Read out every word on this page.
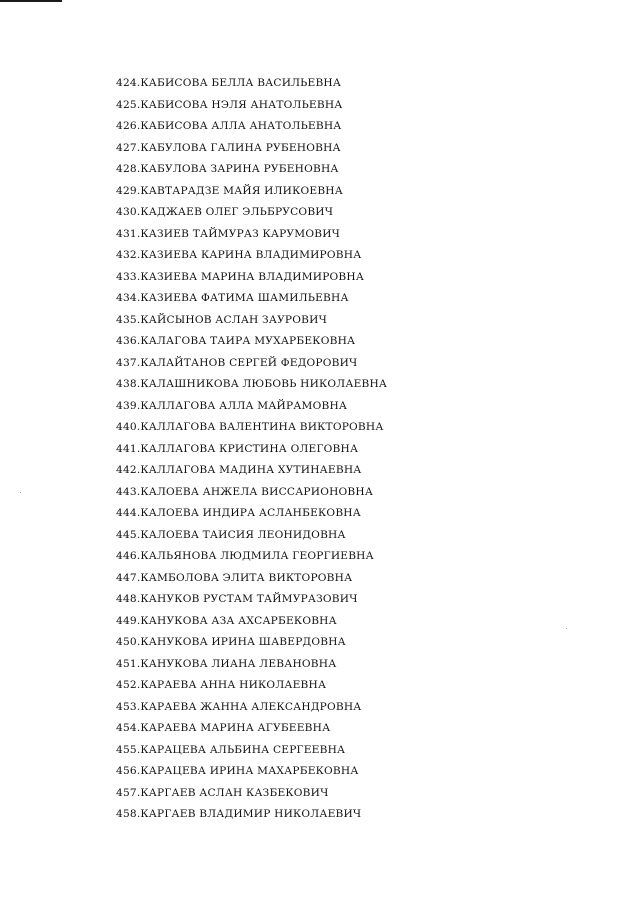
424.КАБИСОВА БЕЛЛА ВАСИЛЬЕВНА
425.КАБИСОВА НЭЛЯ АНАТОЛЬЕВНА
426.КАБИСОВА АЛЛА АНАТОЛЬЕВНА
427.КАБУЛОВА ГАЛИНА РУБЕНОВНА
428.КАБУЛОВА ЗАРИНА РУБЕНОВНА
429.КАВТАРАДЗЕ МАЙЯ ИЛИКОЕВНА
430.КАДЖАЕВ ОЛЕГ ЭЛЬБРУСОВИЧ
431.КАЗИЕВ ТАЙМУРАЗ КАРУМОВИЧ
432.КАЗИЕВА КАРИНА ВЛАДИМИРОВНА
433.КАЗИЕВА МАРИНА ВЛАДИМИРОВНА
434.КАЗИЕВА ФАТИМА ШАМИЛЬЕВНА
435.КАЙСЫНОВ АСЛАН ЗАУРОВИЧ
436.КАЛАГОВА ТАИРА МУХАРБЕКОВНА
437.КАЛАЙТАНОВ СЕРГЕЙ ФЕДОРОВИЧ
438.КАЛАШНИКОВА ЛЮБОВЬ НИКОЛАЕВНА
439.КАЛЛАГОВА АЛЛА МАЙРАМОВНА
440.КАЛЛАГОВА ВАЛЕНТИНА ВИКТОРОВНА
441.КАЛЛАГОВА КРИСТИНА ОЛЕГОВНА
442.КАЛЛАГОВА МАДИНА ХУТИНАЕВНА
443.КАЛОЕВА АНЖЕЛА ВИССАРИОНОВНА
444.КАЛОЕВА ИНДИРА АСЛАНБЕКОВНА
445.КАЛОЕВА ТАИСИЯ ЛЕОНИДОВНА
446.КАЛЬЯНОВА ЛЮДМИЛА ГЕОРГИЕВНА
447.КАМБОЛОВА ЭЛИТА ВИКТОРОВНА
448.КАНУКОВ РУСТАМ ТАЙМУРАЗОВИЧ
449.КАНУКОВА АЗА АХСАРБЕКОВНА
450.КАНУКОВА ИРИНА ШАВЕРДОВНА
451.КАНУКОВА ЛИАНА ЛЕВАНОВНА
452.КАРАЕВА АННА НИКОЛАЕВНА
453.КАРАЕВА ЖАННА АЛЕКСАНДРОВНА
454.КАРАЕВА МАРИНА АГУБЕЕВНА
455.КАРАЦЕВА АЛЬБИНА СЕРГЕЕВНА
456.КАРАЦЕВА ИРИНА МАХАРБЕКОВНА
457.КАРГАЕВ АСЛАН КАЗБЕКОВИЧ
458.КАРГАЕВ ВЛАДИМИР НИКОЛАЕВИЧ
